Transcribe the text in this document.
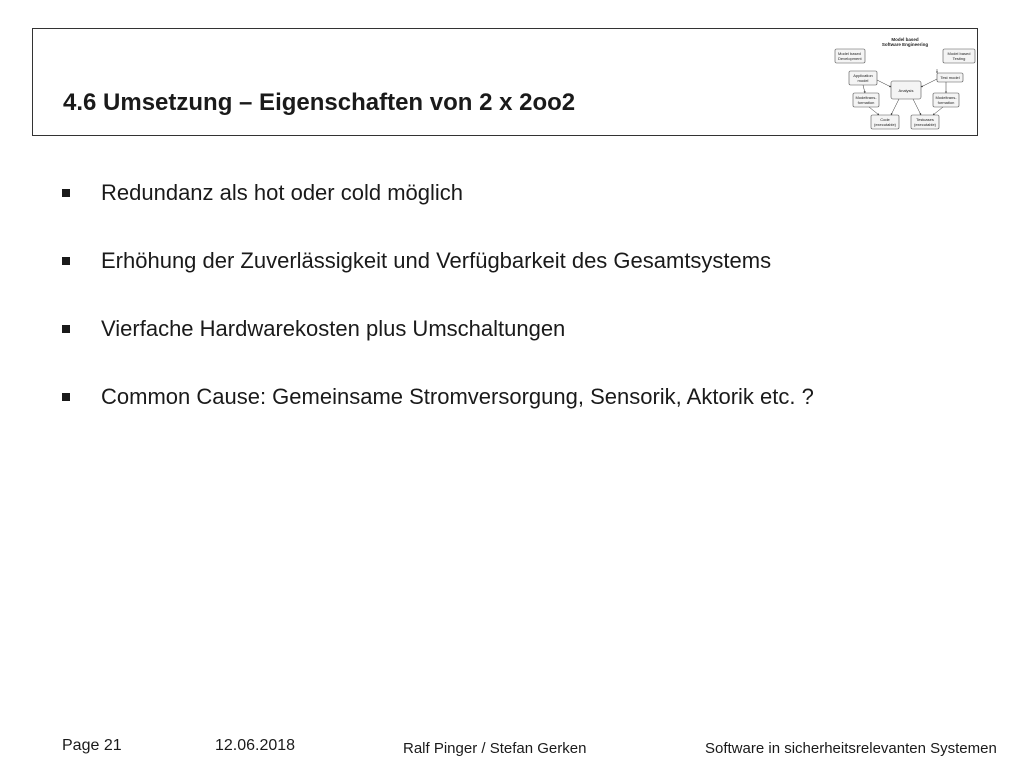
4.6 Umsetzung – Eigenschaften von 2 x 2oo2
Model based
Software Engineering
Model based
Development
Model based
Testing
Application
model
Test model
Analysis
Modeltrans-
formation
Modeltrans-
formation
Code
(executable)
Testcases
(executable)
Redundanz als hot oder cold möglich
Erhöhung der Zuverlässigkeit und Verfügbarkeit des Gesamtsystems
Vierfache Hardwarekosten plus Umschaltungen
Common Cause: Gemeinsame Stromversorgung, Sensorik, Aktorik etc. ?
Page 21	12.06.2018	Ralf Pinger / Stefan Gerken	Software in sicherheitsrelevanten Systemen
